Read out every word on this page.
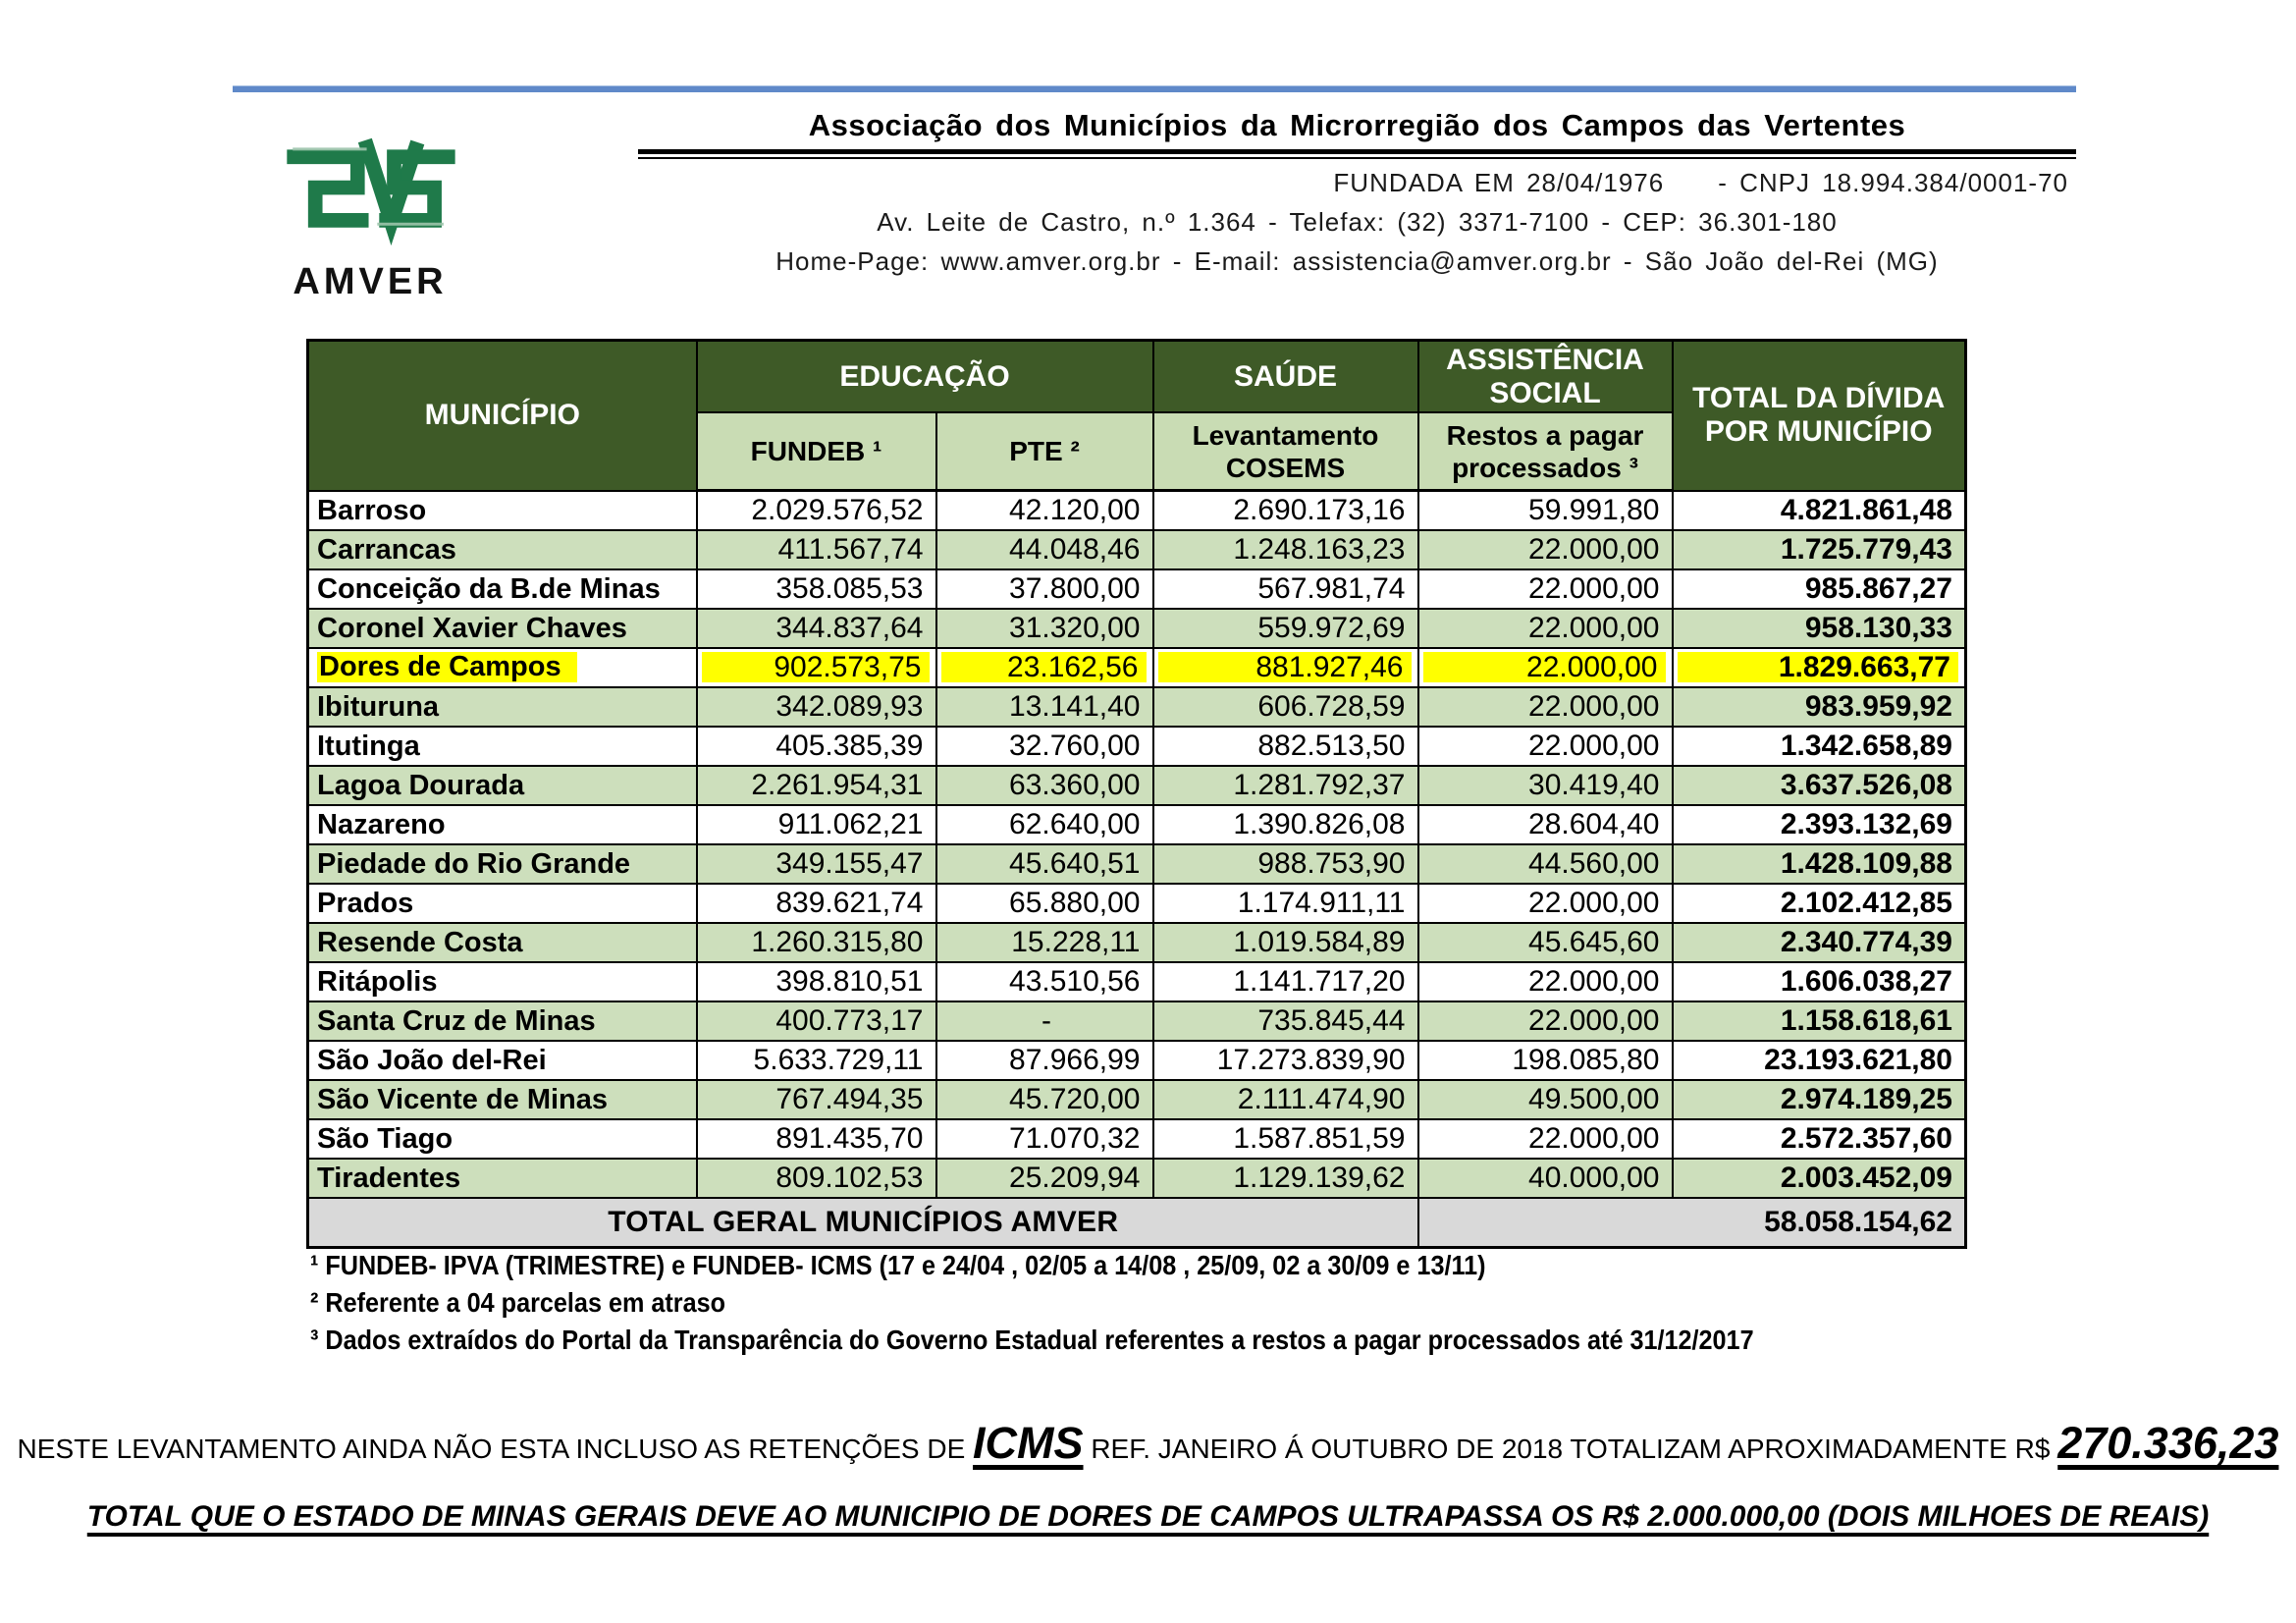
AMVER
Associação dos Municípios da Microrregião dos Campos das Vertentes
FUNDADA EM 28/04/1976 - CNPJ 18.994.384/0001-70
Av. Leite de Castro, n.º 1.364 - Telefax: (32) 3371-7100 - CEP: 36.301-180
Home-Page: www.amver.org.br - E-mail: assistencia@amver.org.br - São João del-Rei (MG)
MUNICÍPIO	EDUCAÇÃO		SAÚDE	ASSISTÊNCIA SOCIAL	TOTAL DA DÍVIDA POR MUNICÍPIO
	FUNDEB ¹	PTE ²	Levantamento COSEMS	Restos a pagar processados ³	
Barroso	2.029.576,52	42.120,00	2.690.173,16	59.991,80	4.821.861,48

Carrancas	411.567,74	44.048,46	1.248.163,23	22.000,00	1.725.779,43

Conceição da B.de Minas	358.085,53	37.800,00	567.981,74	22.000,00	985.867,27

Coronel Xavier Chaves	344.837,64	31.320,00	559.972,69	22.000,00	958.130,33

Dores de Campos	902.573,75	23.162,56	881.927,46	22.000,00	1.829.663,77

Ibituruna	342.089,93	13.141,40	606.728,59	22.000,00	983.959,92

Itutinga	405.385,39	32.760,00	882.513,50	22.000,00	1.342.658,89

Lagoa Dourada	2.261.954,31	63.360,00	1.281.792,37	30.419,40	3.637.526,08

Nazareno	911.062,21	62.640,00	1.390.826,08	28.604,40	2.393.132,69

Piedade do Rio Grande	349.155,47	45.640,51	988.753,90	44.560,00	1.428.109,88

Prados	839.621,74	65.880,00	1.174.911,11	22.000,00	2.102.412,85

Resende Costa	1.260.315,80	15.228,11	1.019.584,89	45.645,60	2.340.774,39

Ritápolis	398.810,51	43.510,56	1.141.717,20	22.000,00	1.606.038,27

Santa Cruz de Minas	400.773,17	-	735.845,44	22.000,00	1.158.618,61

São João del-Rei	5.633.729,11	87.966,99	17.273.839,90	198.085,80	23.193.621,80

São Vicente de Minas	767.494,35	45.720,00	2.111.474,90	49.500,00	2.974.189,25

São Tiago	891.435,70	71.070,32	1.587.851,59	22.000,00	2.572.357,60

Tiradentes	809.102,53	25.209,94	1.129.139,62	40.000,00	2.003.452,09

TOTAL GERAL MUNICÍPIOS AMVER				58.058.154,62	
¹ FUNDEB- IPVA (TRIMESTRE) e FUNDEB- ICMS (17 e 24/04 , 02/05 a 14/08 , 25/09, 02 a 30/09 e 13/11)
² Referente a 04 parcelas em atraso
³ Dados extraídos do Portal da Transparência do Governo Estadual referentes a restos a pagar processados até 31/12/2017
NESTE LEVANTAMENTO AINDA NÃO ESTA INCLUSO AS RETENÇÕES DE ICMS REF. JANEIRO Á OUTUBRO DE 2018 TOTALIZAM APROXIMADAMENTE R$ 270.336,23
TOTAL QUE O ESTADO DE MINAS GERAIS DEVE AO MUNICIPIO DE DORES DE CAMPOS ULTRAPASSA OS R$ 2.000.000,00 (DOIS MILHOES DE REAIS)
